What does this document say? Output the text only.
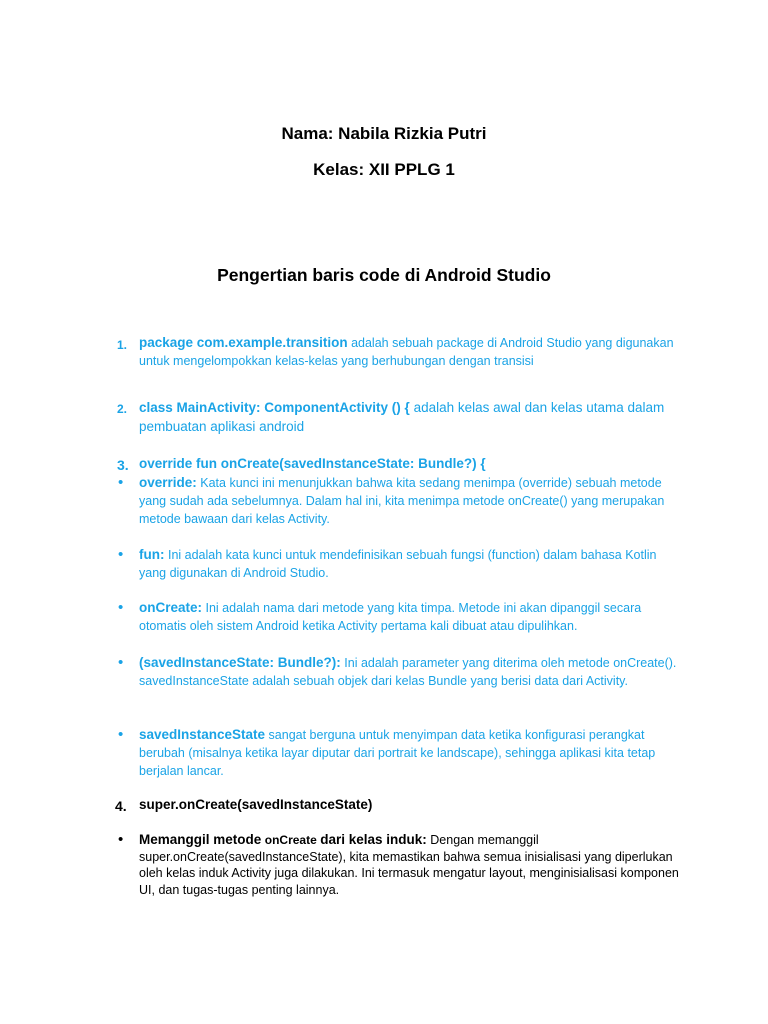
Nama: Nabila Rizkia Putri
Kelas: XII PPLG 1
Pengertian baris code di Android Studio
1. package com.example.transition adalah sebuah package di Android Studio yang digunakan untuk mengelompokkan kelas-kelas yang berhubungan dengan transisi
2. class MainActivity: ComponentActivity () { adalah kelas awal dan kelas utama dalam pembuatan aplikasi android
3. override fun onCreate(savedInstanceState: Bundle?) {
• override: Kata kunci ini menunjukkan bahwa kita sedang menimpa (override) sebuah metode yang sudah ada sebelumnya. Dalam hal ini, kita menimpa metode onCreate() yang merupakan metode bawaan dari kelas Activity.
• fun: Ini adalah kata kunci untuk mendefinisikan sebuah fungsi (function) dalam bahasa Kotlin yang digunakan di Android Studio.
• onCreate: Ini adalah nama dari metode yang kita timpa. Metode ini akan dipanggil secara otomatis oleh sistem Android ketika Activity pertama kali dibuat atau dipulihkan.
• (savedInstanceState: Bundle?): Ini adalah parameter yang diterima oleh metode onCreate(). savedInstanceState adalah sebuah objek dari kelas Bundle yang berisi data dari Activity.
• savedInstanceState sangat berguna untuk menyimpan data ketika konfigurasi perangkat berubah (misalnya ketika layar diputar dari portrait ke landscape), sehingga aplikasi kita tetap berjalan lancar.
4. super.onCreate(savedInstanceState)
• Memanggil metode onCreate dari kelas induk: Dengan memanggil
super.onCreate(savedInstanceState), kita memastikan bahwa semua inisialisasi yang diperlukan oleh kelas induk Activity juga dilakukan. Ini termasuk mengatur layout, menginisialisasi komponen UI, dan tugas-tugas penting lainnya.
